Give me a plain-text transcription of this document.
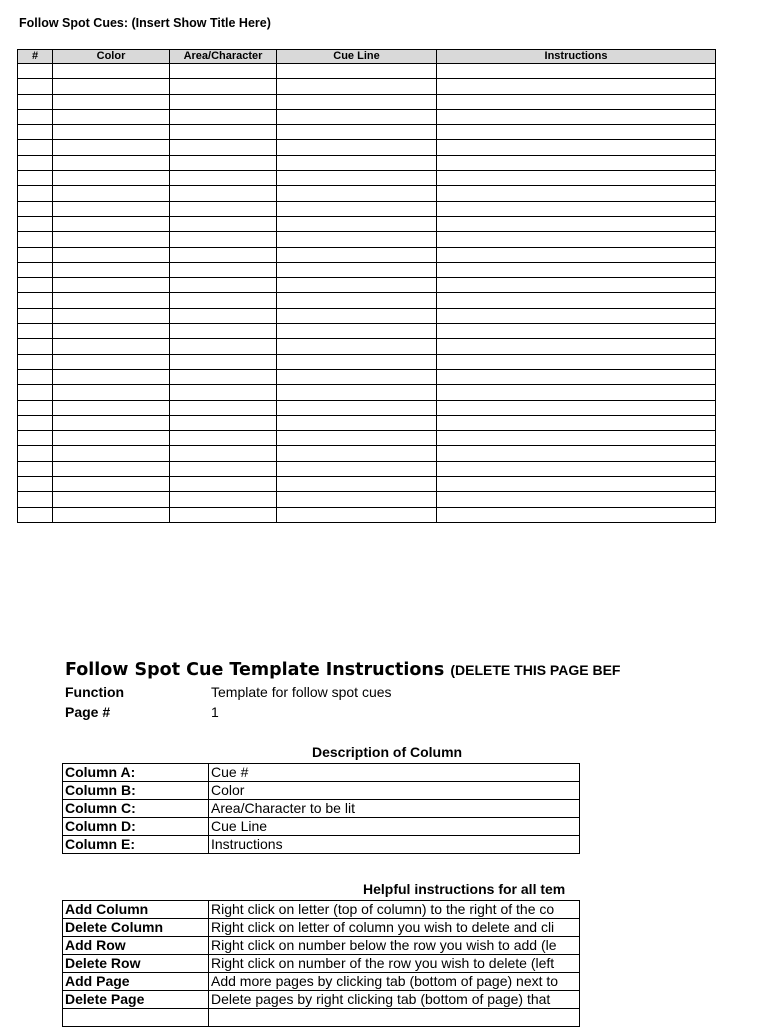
Follow Spot Cues: (Insert Show Title Here)
#	Color	Area/Character	Cue Line	Instructions

Follow Spot Cue Template Instructions (DELETE THIS PAGE BEF
Function	Template for follow spot cues
Page #	1
Description of Column
Column A:	Cue #
Column B:	Color
Column C:	Area/Character to be lit
Column D:	Cue Line
Column E:	Instructions
Helpful instructions for all tem
Add Column	Right click on letter (top of column) to the right of the co
Delete Column	Right click on letter of column you wish to delete and cli
Add Row	Right click on number below the row you wish to add (le
Delete Row	Right click on number of the row you wish to delete (left
Add Page	Add more pages by clicking tab (bottom of page) next to
Delete Page	Delete pages by right clicking tab (bottom of page) that
